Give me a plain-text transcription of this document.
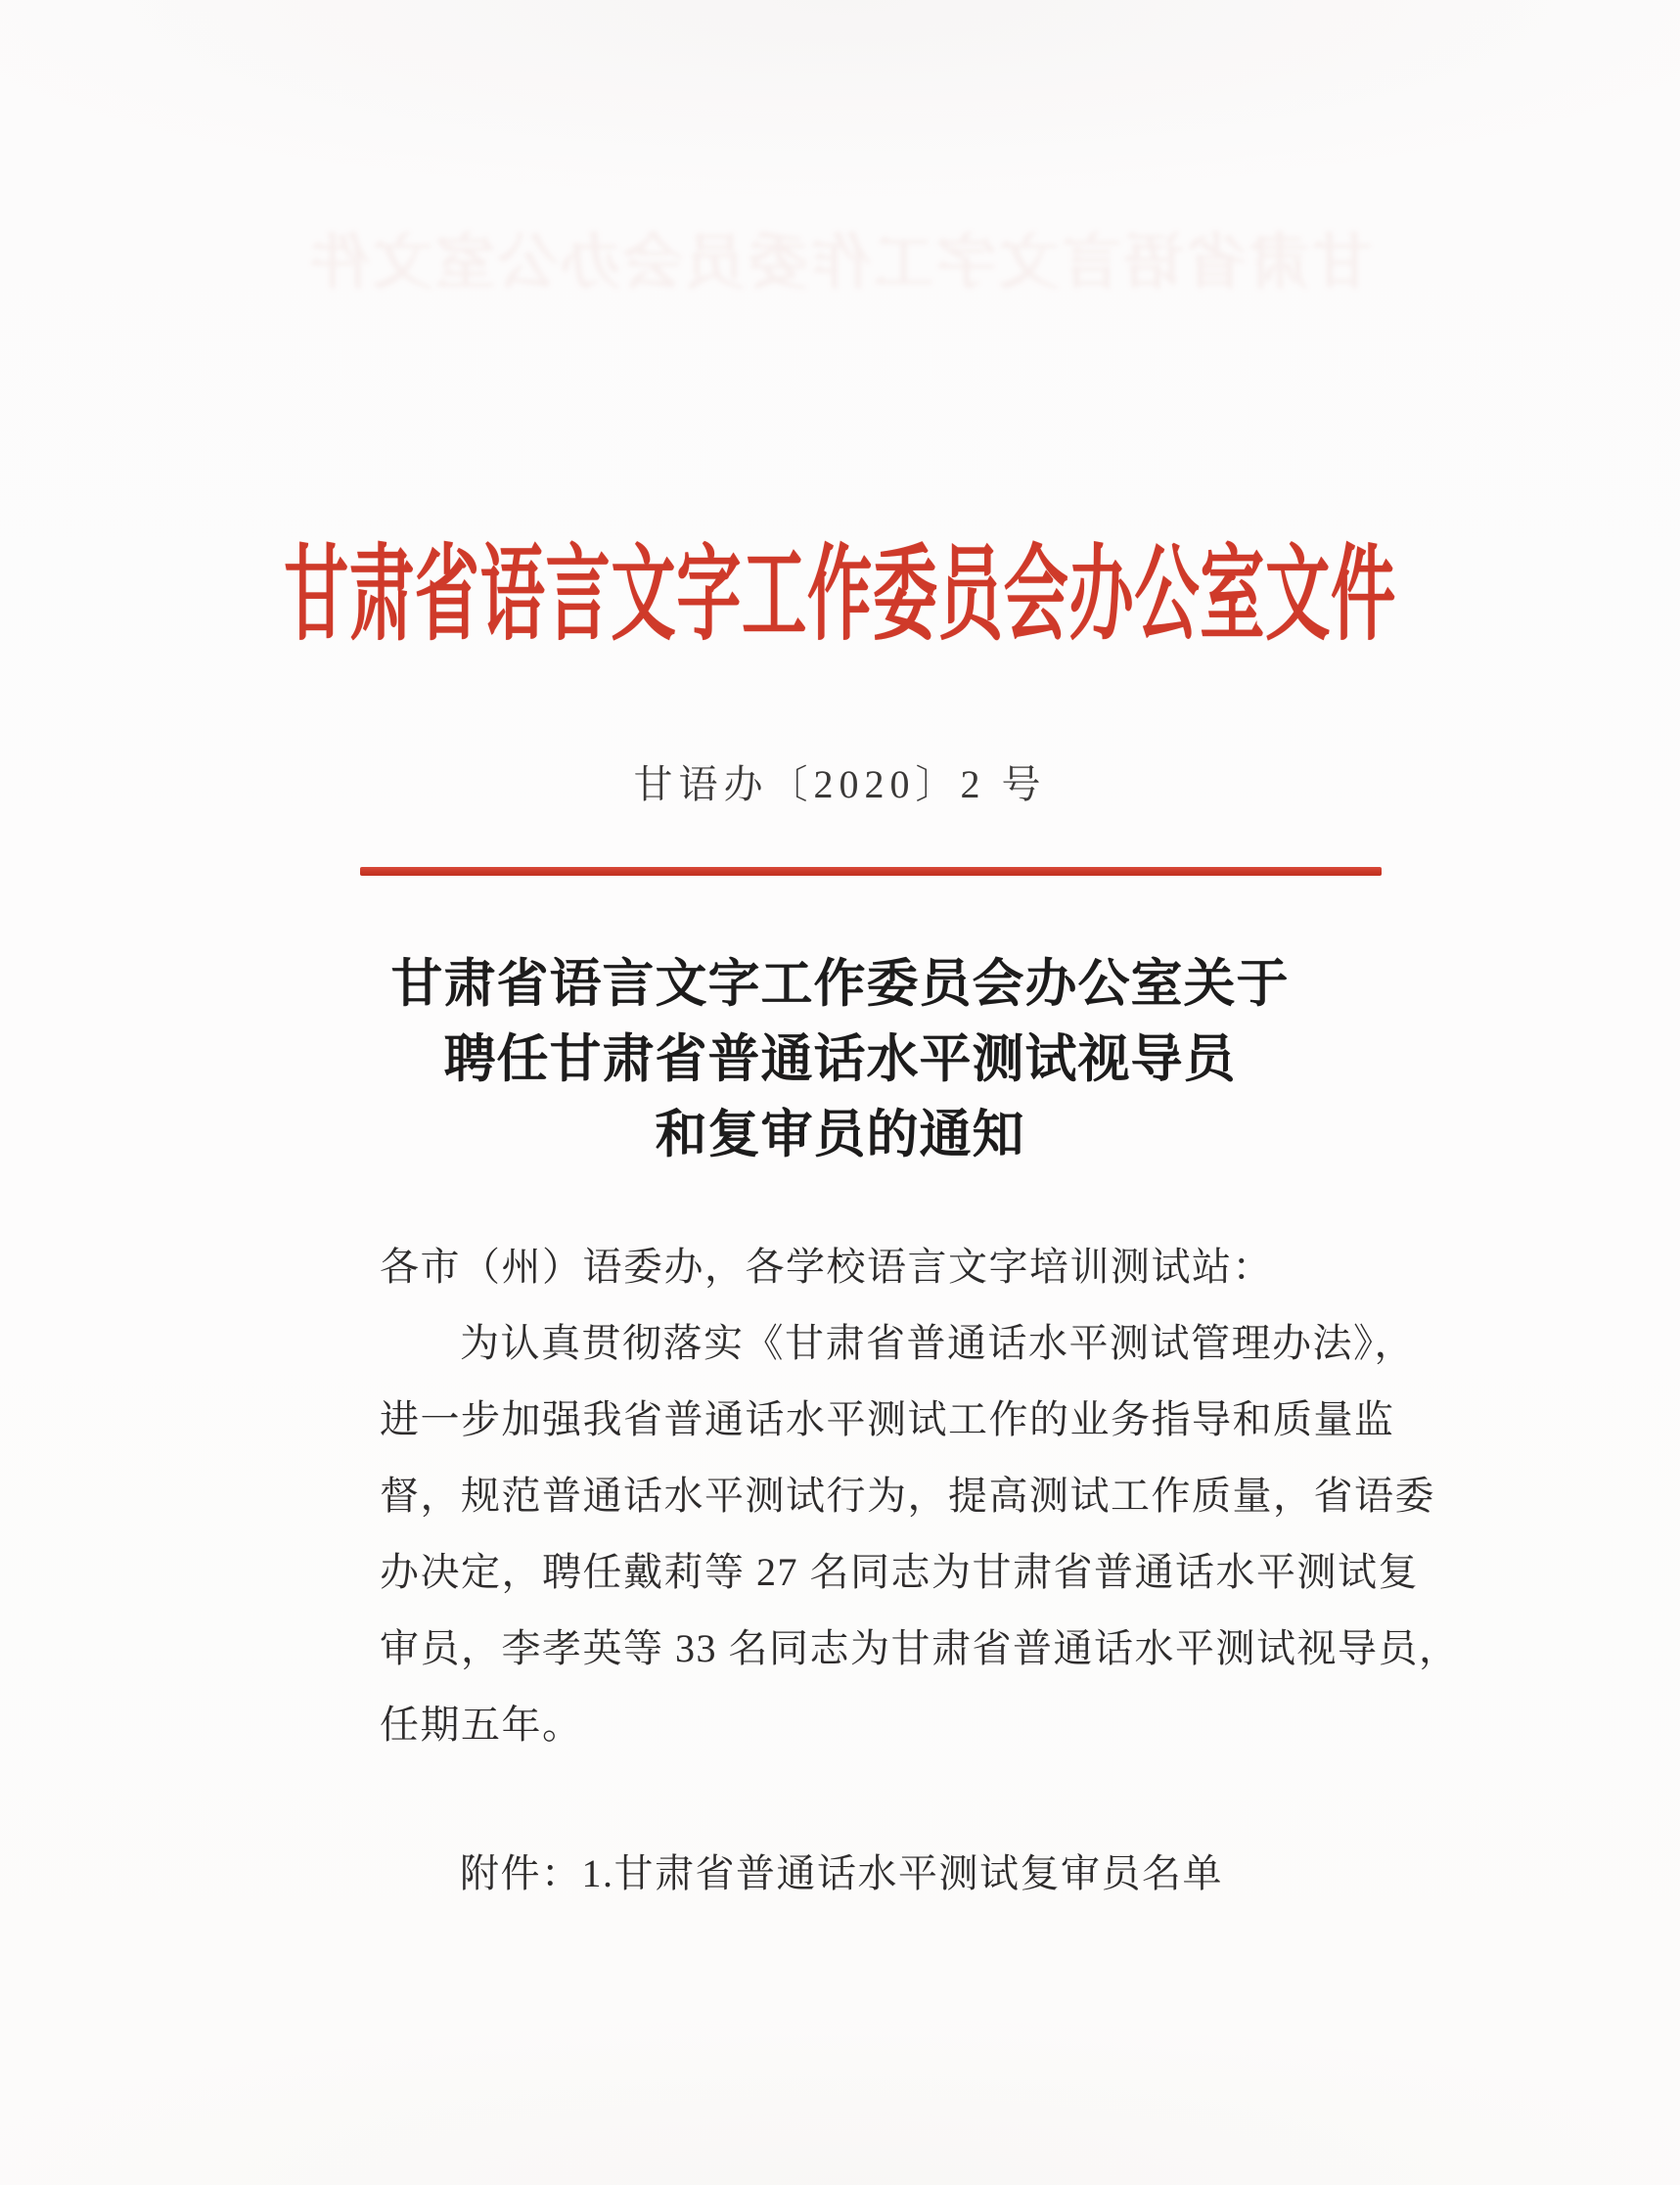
甘肃省语言文字工作委员会办公室文件
甘肃省语言文字工作委员会办公室文件
甘语办〔2020〕2 号
甘肃省语言文字工作委员会办公室关于
聘任甘肃省普通话水平测试视导员
和复审员的通知
各市（州）语委办，各学校语言文字培训测试站：
为认真贯彻落实《甘肃省普通话水平测试管理办法》，
进一步加强我省普通话水平测试工作的业务指导和质量监
督，规范普通话水平测试行为，提高测试工作质量，省语委
办决定，聘任戴莉等 27 名同志为甘肃省普通话水平测试复
审员，李孝英等 33 名同志为甘肃省普通话水平测试视导员，
任期五年。
附件：1.甘肃省普通话水平测试复审员名单
